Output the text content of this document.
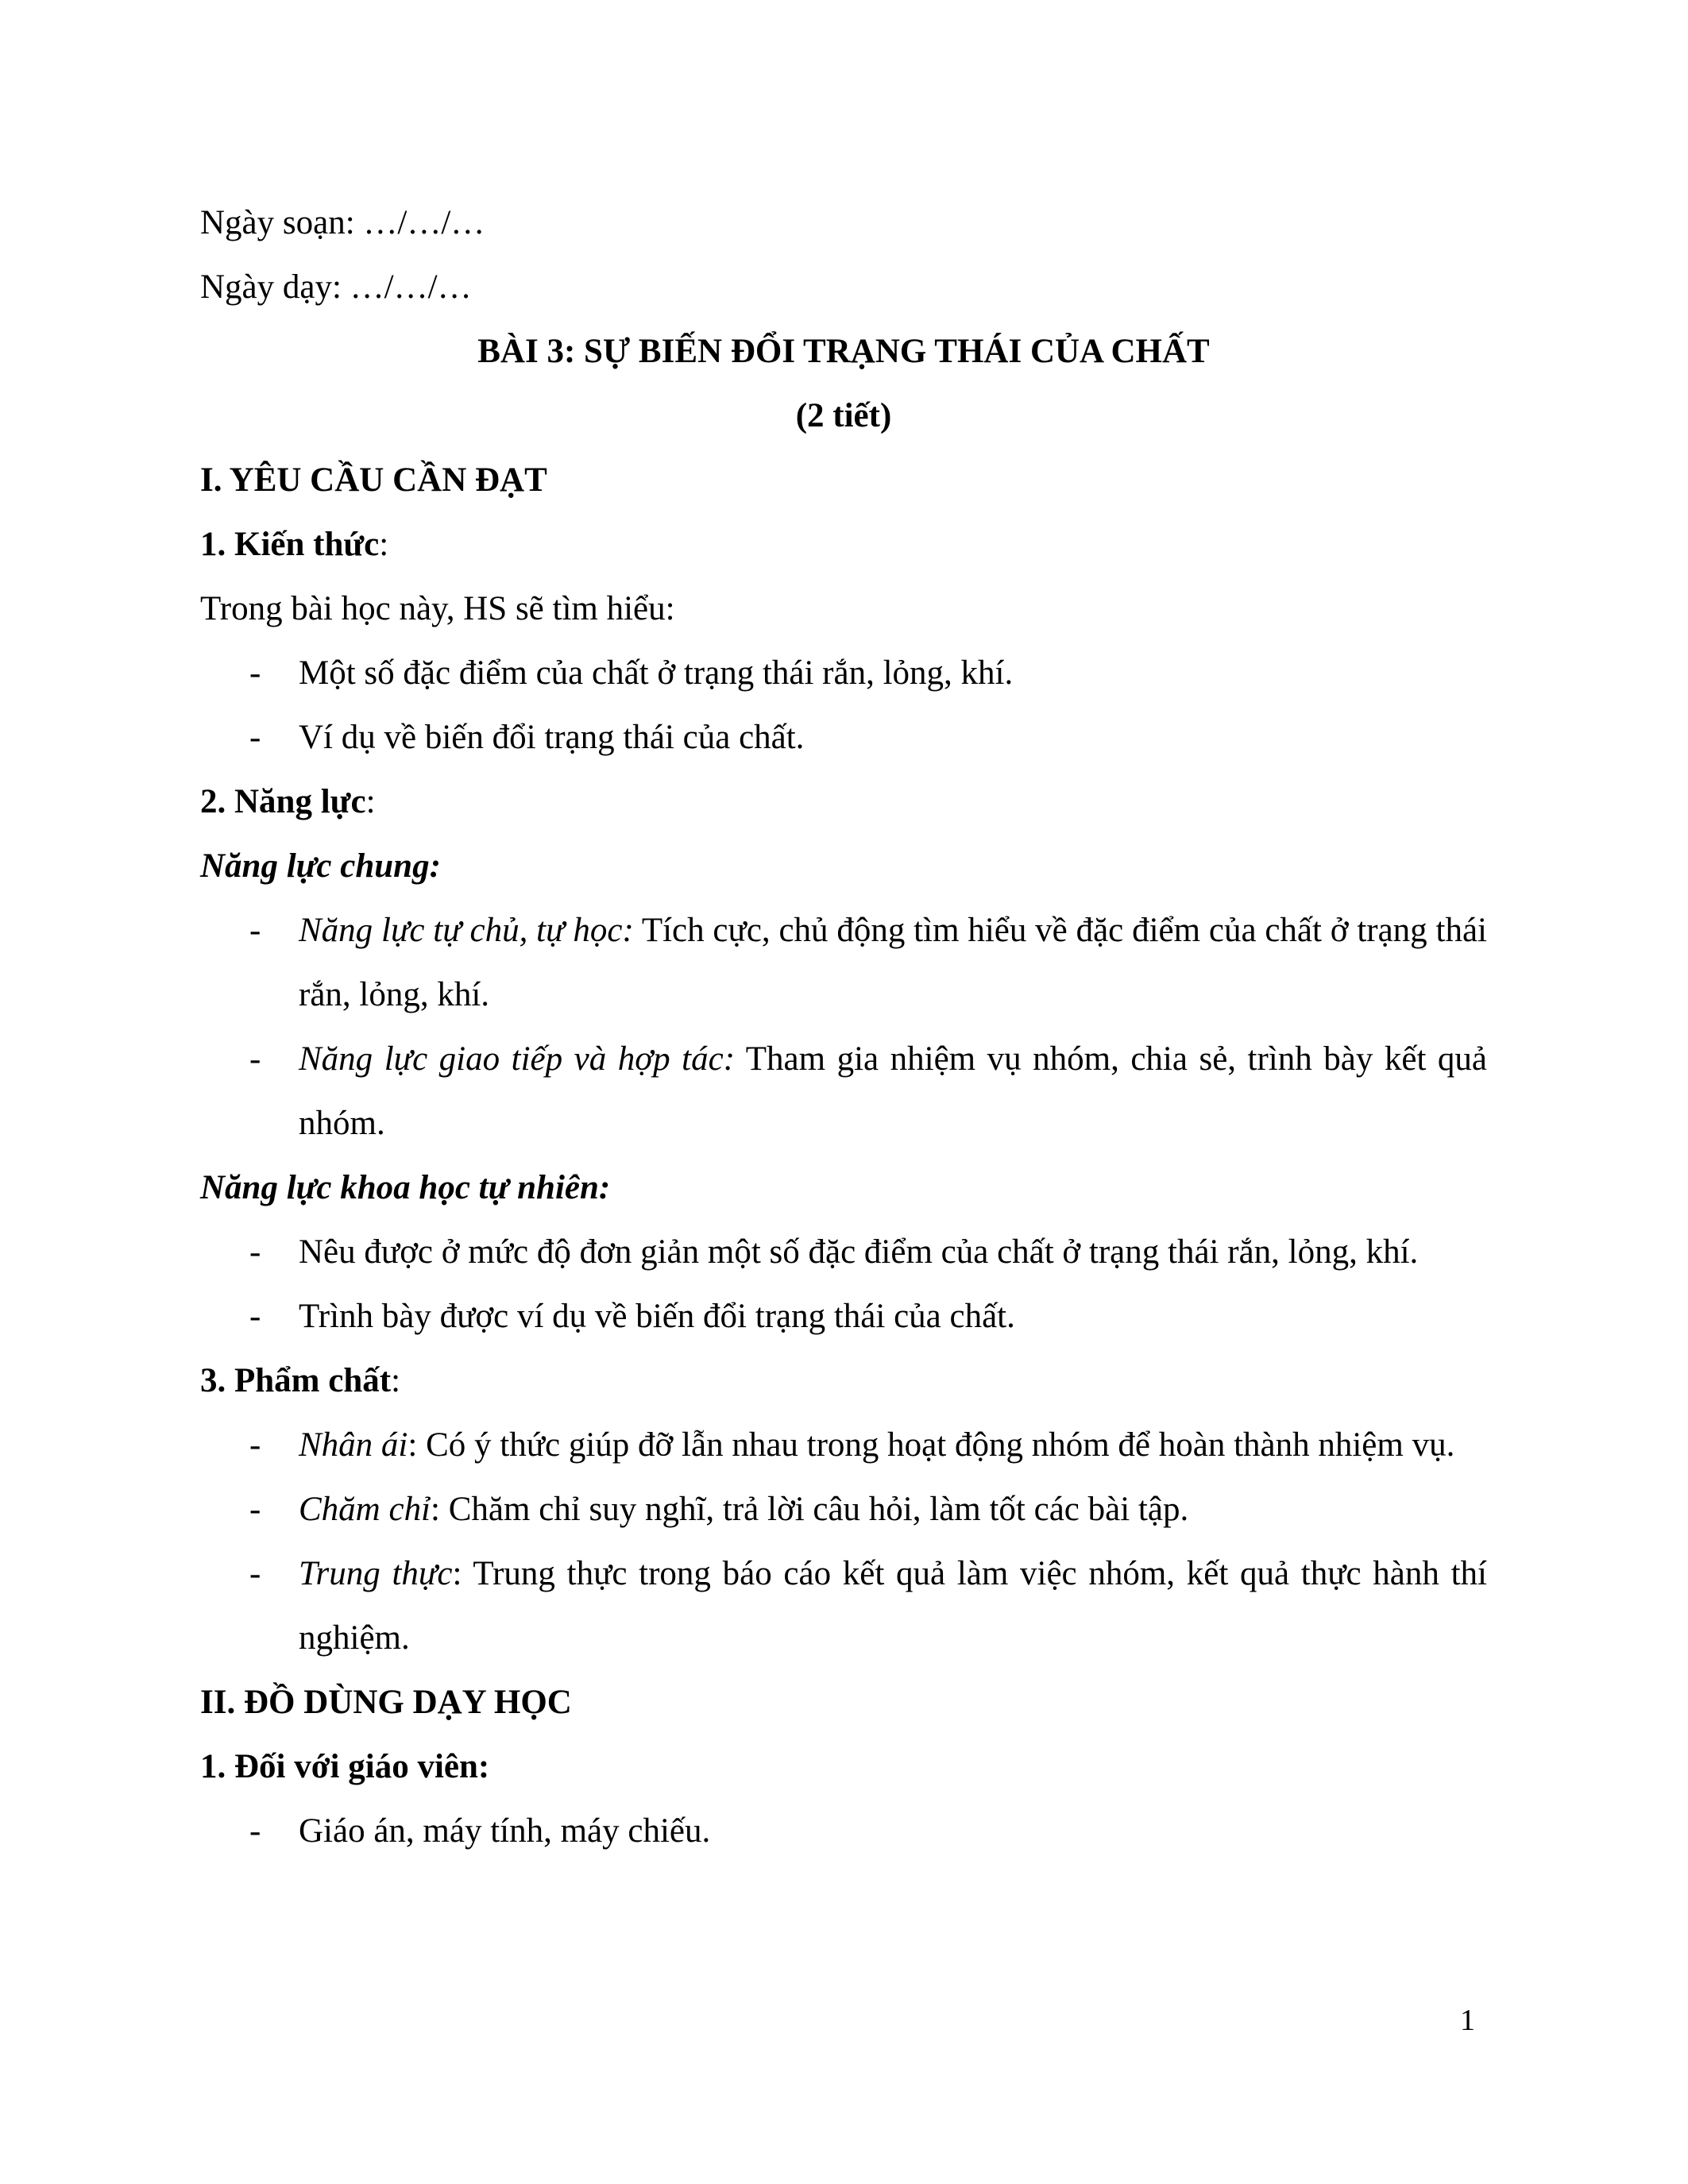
Ngày soạn: …/…/…

Ngày dạy: …/…/…

BÀI 3: SỰ BIẾN ĐỔI TRẠNG THÁI CỦA CHẤT

(2 tiết)

I. YÊU CẦU CẦN ĐẠT

1. Kiến thức:

Trong bài học này, HS sẽ tìm hiểu:

- Một số đặc điểm của chất ở trạng thái rắn, lỏng, khí.
- Ví dụ về biến đổi trạng thái của chất.

2. Năng lực:

Năng lực chung:

- Năng lực tự chủ, tự học: Tích cực, chủ động tìm hiểu về đặc điểm của chất ở trạng thái rắn, lỏng, khí.
- Năng lực giao tiếp và hợp tác: Tham gia nhiệm vụ nhóm, chia sẻ, trình bày kết quả nhóm.

Năng lực khoa học tự nhiên:

- Nêu được ở mức độ đơn giản một số đặc điểm của chất ở trạng thái rắn, lỏng, khí.
- Trình bày được ví dụ về biến đổi trạng thái của chất.

3. Phẩm chất:

- Nhân ái: Có ý thức giúp đỡ lẫn nhau trong hoạt động nhóm để hoàn thành nhiệm vụ.
- Chăm chỉ: Chăm chỉ suy nghĩ, trả lời câu hỏi, làm tốt các bài tập.
- Trung thực: Trung thực trong báo cáo kết quả làm việc nhóm, kết quả thực hành thí nghiệm.

II. ĐỒ DÙNG DẠY HỌC

1. Đối với giáo viên:

- Giáo án, máy tính, máy chiếu.
1
